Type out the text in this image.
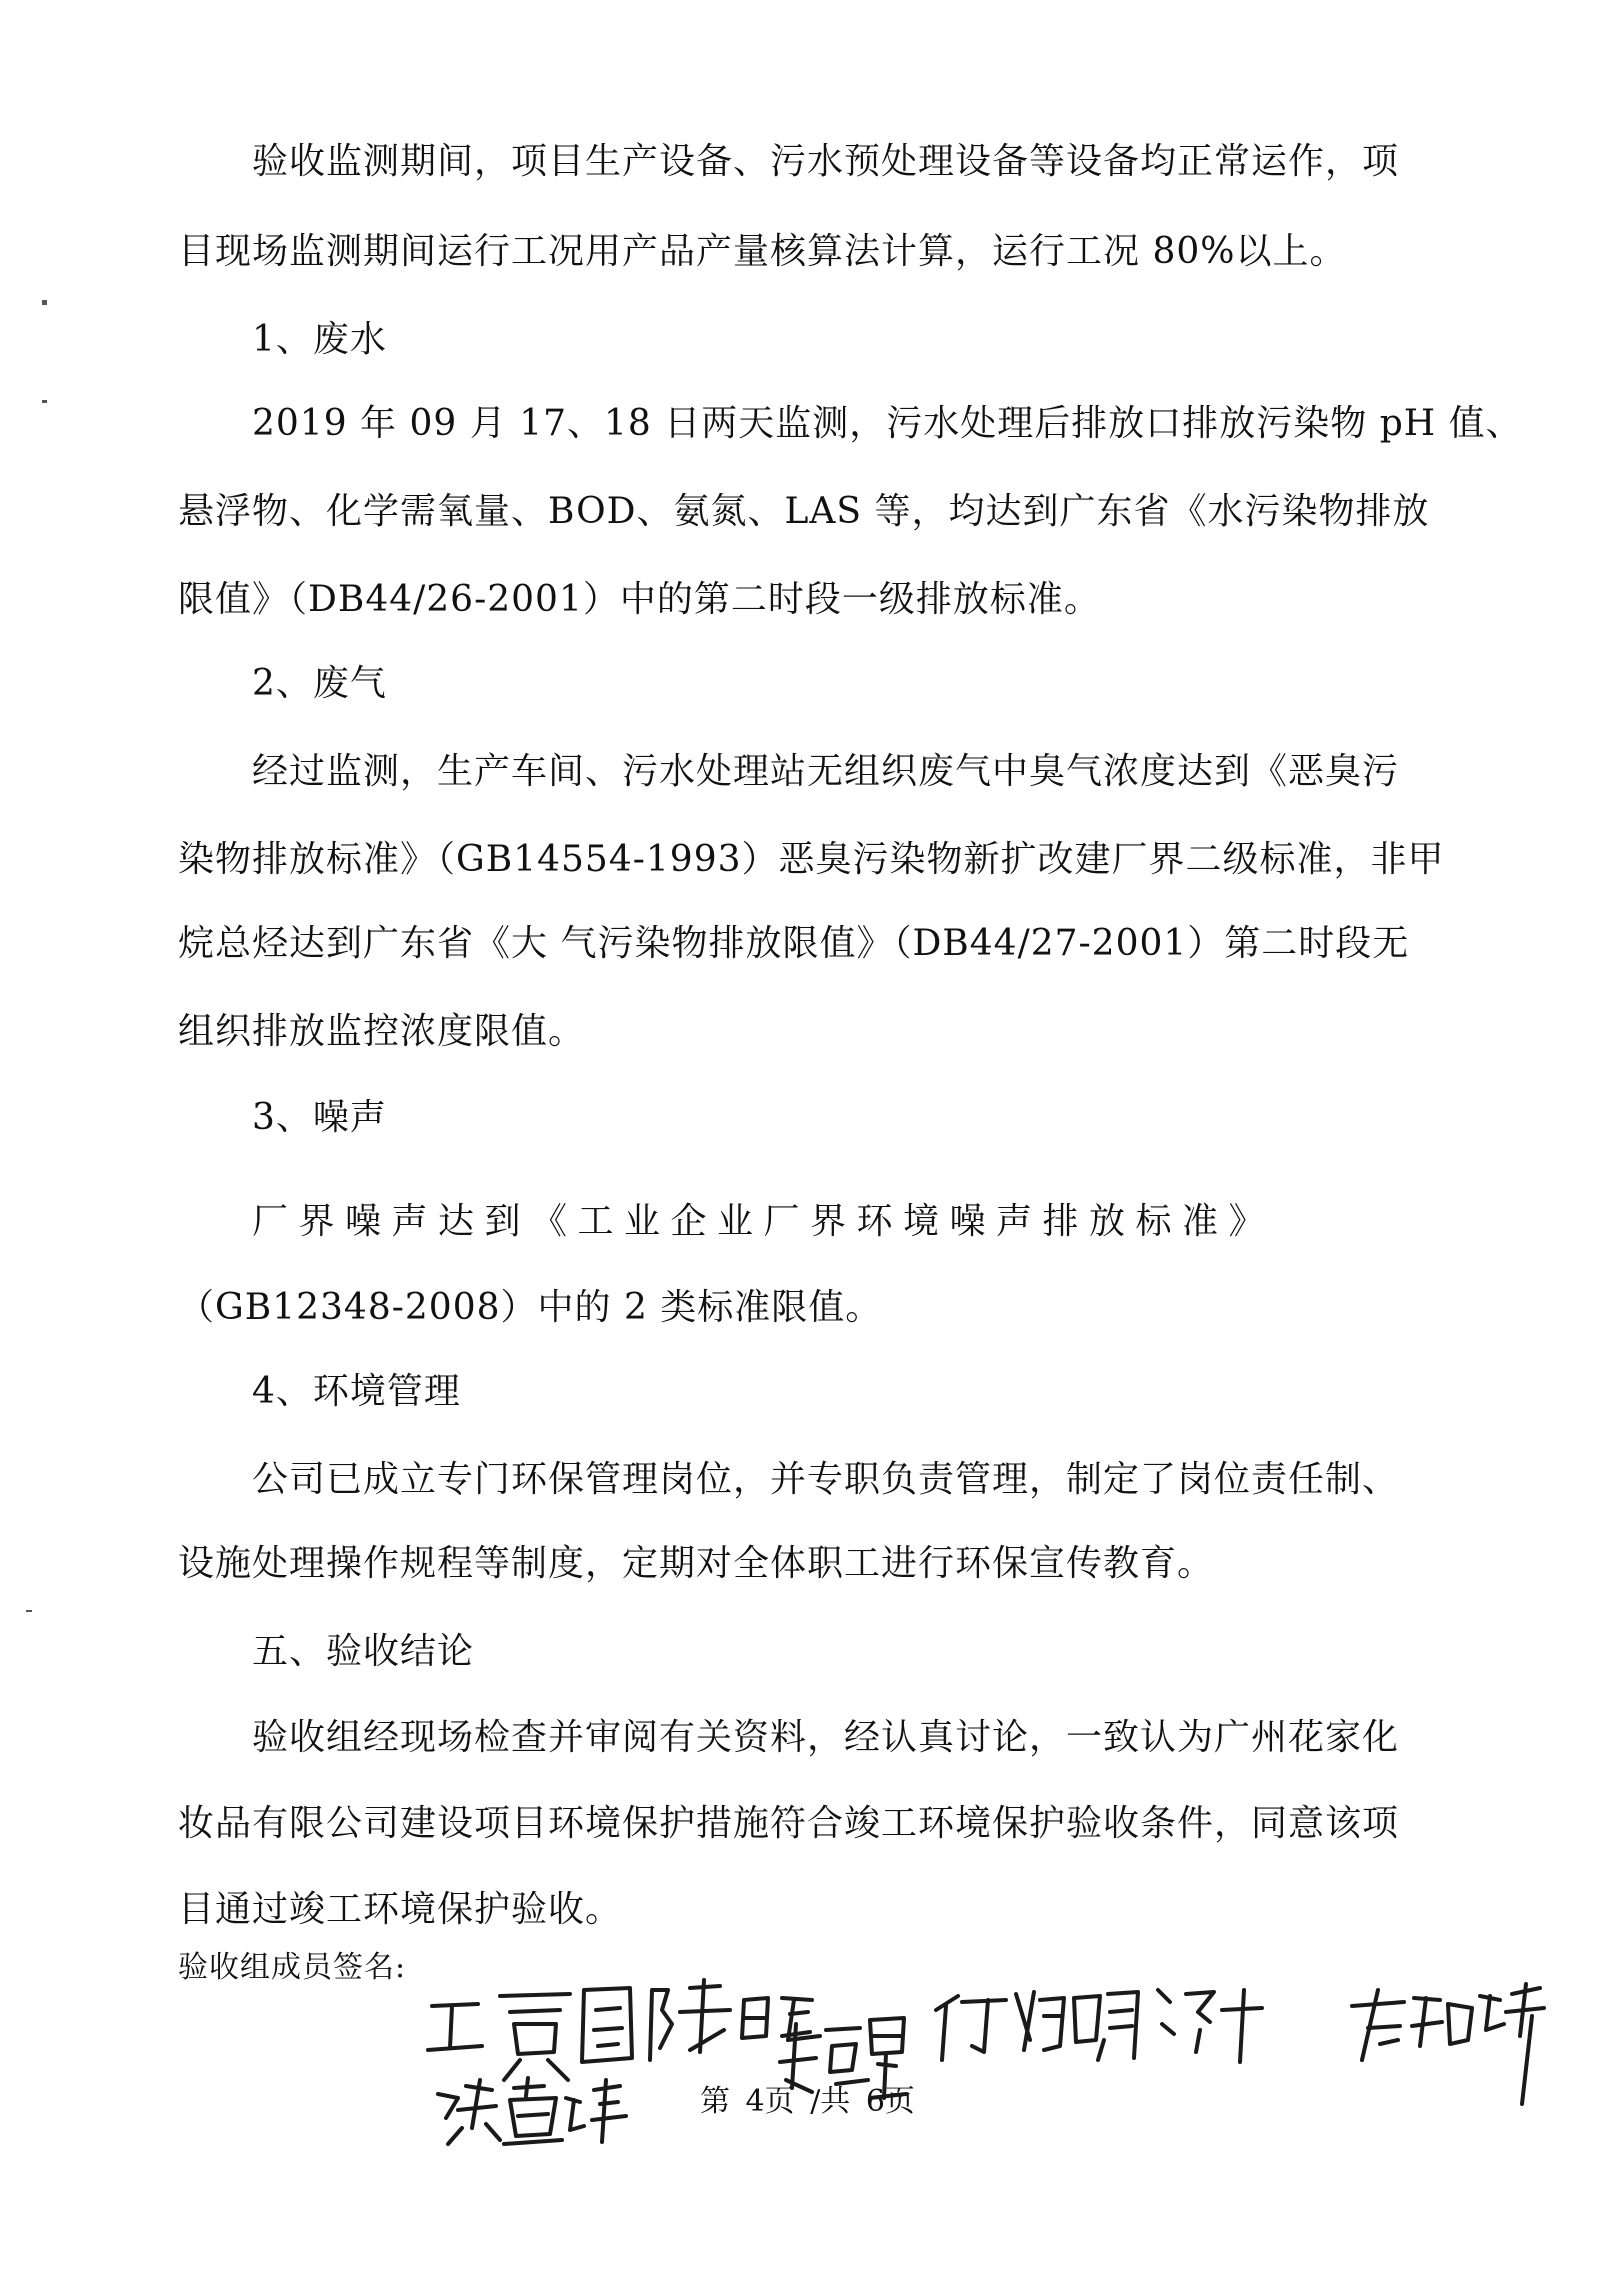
验收监测期间，项目生产设备、污水预处理设备等设备均正常运作，项
目现场监测期间运行工况用产品产量核算法计算，运行工况 80%以上。
1、废水
2019 年 09 月 17、18 日两天监测，污水处理后排放口排放污染物 pH 值、
悬浮物、化学需氧量、BOD、氨氮、LAS 等，均达到广东省《水污染物排放
限值》（DB44/26-2001）中的第二时段一级排放标准。
2、废气
经过监测，生产车间、污水处理站无组织废气中臭气浓度达到《恶臭污
染物排放标准》（GB14554-1993）恶臭污染物新扩改建厂界二级标准，非甲
烷总烃达到广东省《大 气污染物排放限值》（DB44/27-2001）第二时段无
组织排放监控浓度限值。
3、噪声
厂界噪声达到《工业企业厂界环境噪声排放标准》
（GB12348-2008）中的 2 类标准限值。
4、环境管理
公司已成立专门环保管理岗位，并专职负责管理，制定了岗位责任制、
设施处理操作规程等制度，定期对全体职工进行环保宣传教育。
五、验收结论
验收组经现场检查并审阅有关资料，经认真讨论，一致认为广州花家化
妆品有限公司建设项目环境保护措施符合竣工环境保护验收条件，同意该项
目通过竣工环境保护验收。
验收组成员签名:
第 4页 /共 6页
